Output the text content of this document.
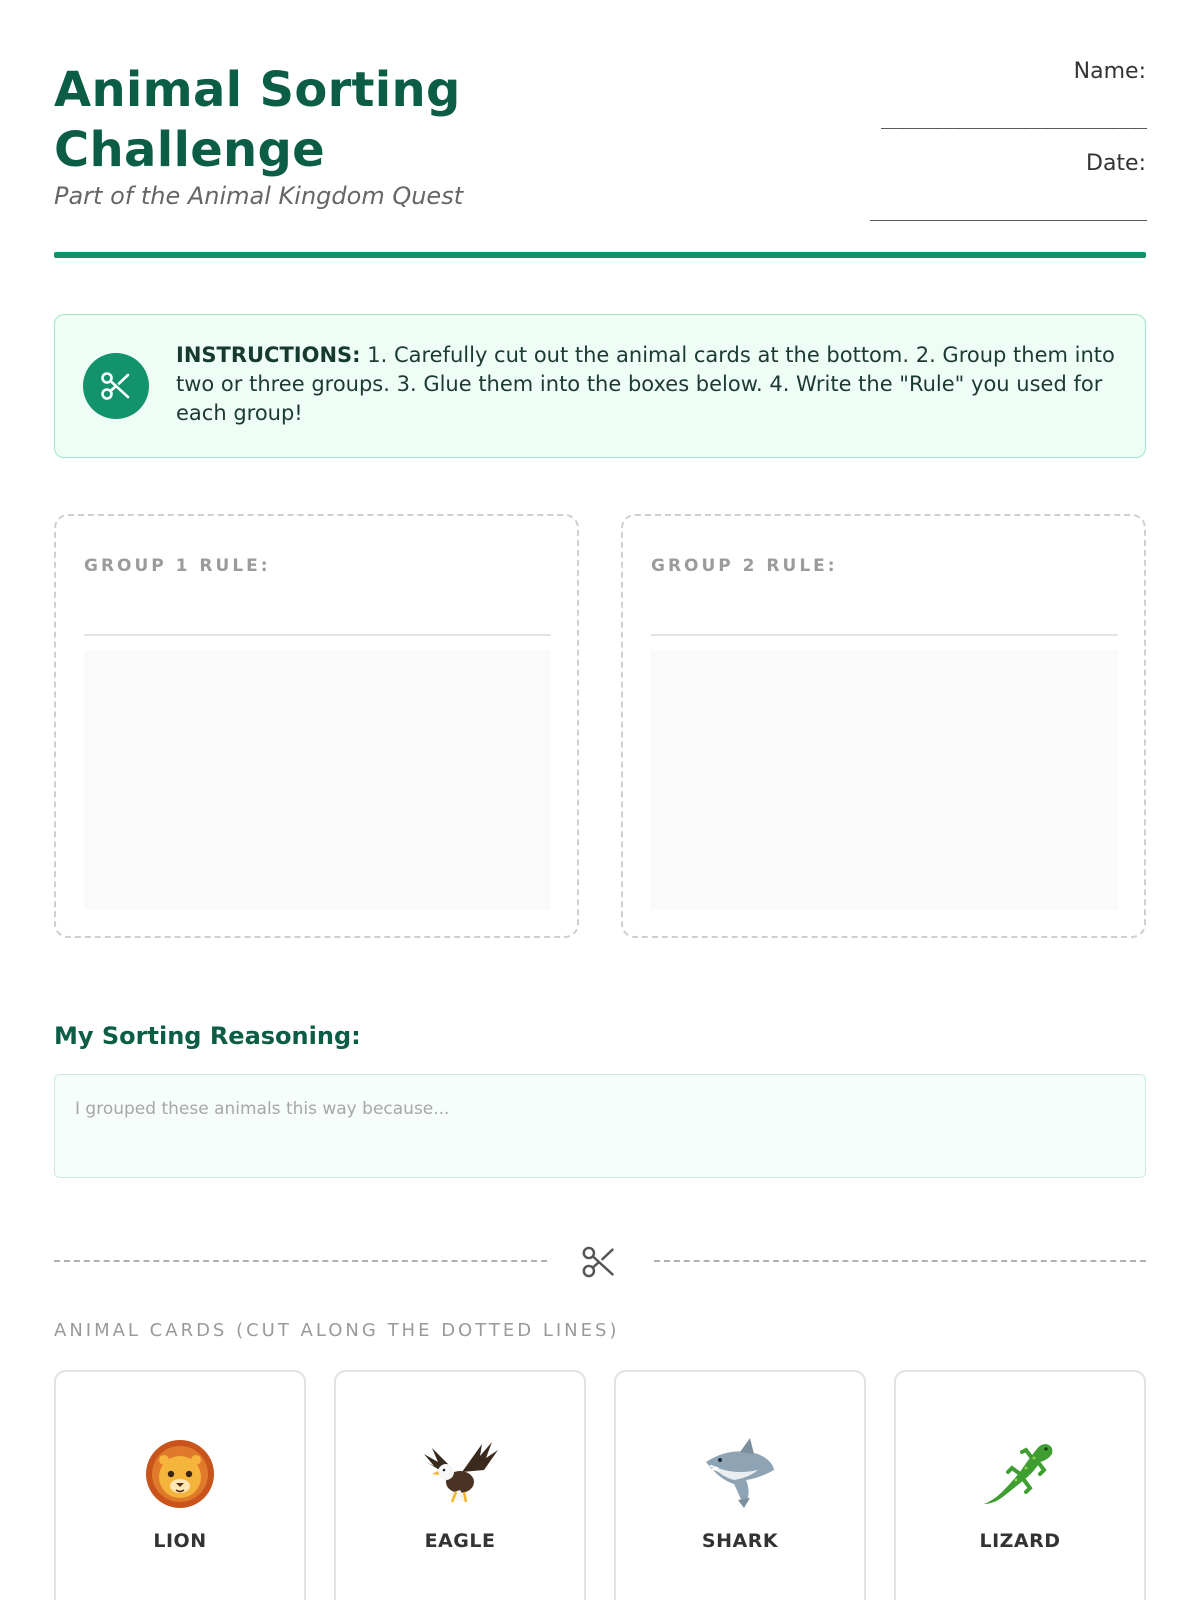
Animal Sorting Challenge
Part of the Animal Kingdom Quest
Name:
________________________
Date:
_________________________
INSTRUCTIONS: 1. Carefully cut out the animal cards at the bottom. 2. Group them into two or three groups. 3. Glue them into the boxes below. 4. Write the "Rule" you used for each group!
GROUP 1 RULE:	GROUP 2 RULE:
My Sorting Reasoning:
I grouped these animals this way because...
ANIMAL CARDS (CUT ALONG THE DOTTED LINES)
LION	EAGLE	SHARK	LIZARD
